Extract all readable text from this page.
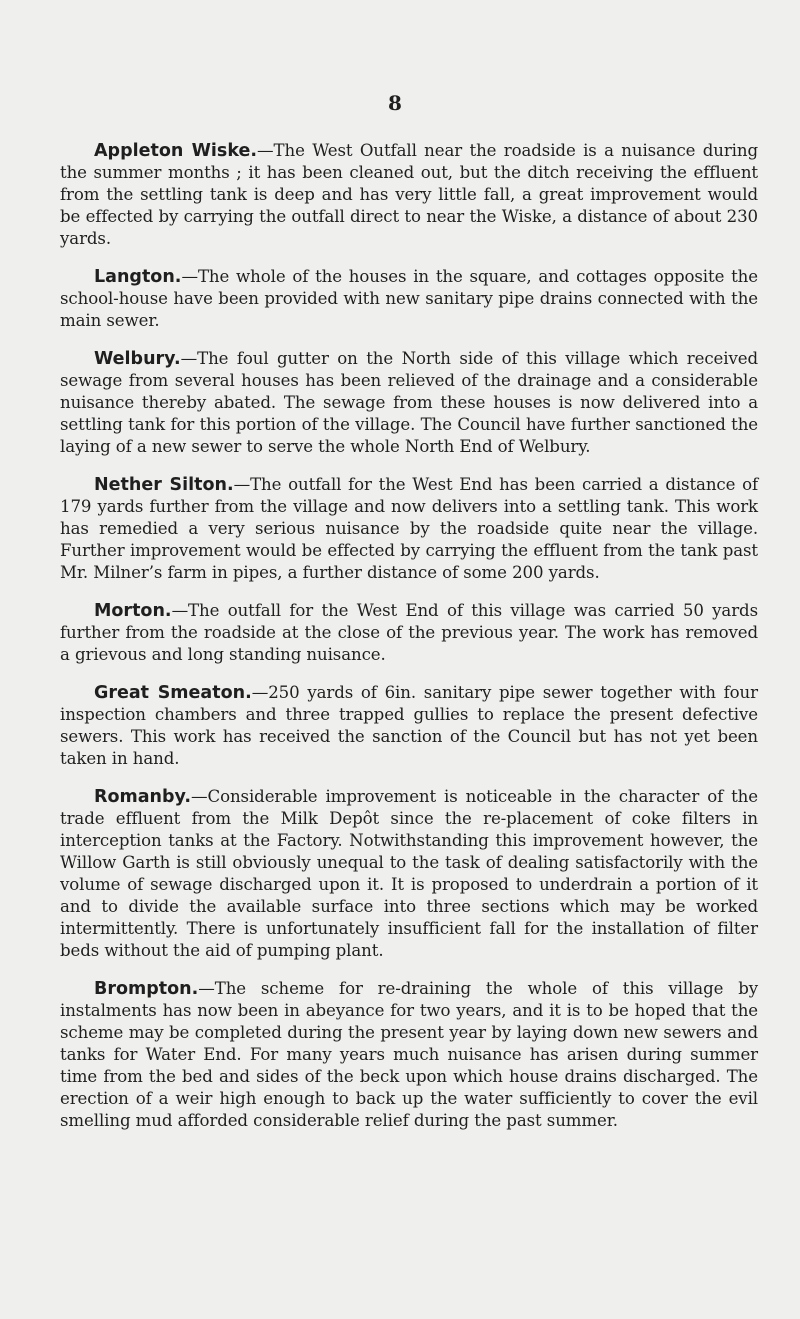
8

Appleton Wiske.—The West Outfall near the roadside is a nuisance during the summer months ; it has been cleaned out, but the ditch receiving the effluent from the settling tank is deep and has very little fall, a great improvement would be effected by carrying the outfall direct to near the Wiske, a distance of about 230 yards.

Langton.—The whole of the houses in the square, and cottages opposite the school-house have been provided with new sanitary pipe drains connected with the main sewer.

Welbury.—The foul gutter on the North side of this village which received sewage from several houses has been relieved of the drainage and a considerable nuisance thereby abated. The sewage from these houses is now delivered into a settling tank for this portion of the village. The Council have further sanctioned the laying of a new sewer to serve the whole North End of Welbury.

Nether Silton.—The outfall for the West End has been carried a distance of 179 yards further from the village and now delivers into a settling tank. This work has remedied a very serious nuisance by the roadside quite near the village. Further improvement would be effected by carrying the effluent from the tank past Mr. Milner’s farm in pipes, a further distance of some 200 yards.

Morton.—The outfall for the West End of this village was carried 50 yards further from the roadside at the close of the previous year. The work has removed a grievous and long standing nuisance.

Great Smeaton.—250 yards of 6in. sanitary pipe sewer together with four inspection chambers and three trapped gullies to replace the present defective sewers. This work has received the sanction of the Council but has not yet been taken in hand.

Romanby.—Considerable improvement is noticeable in the character of the trade effluent from the Milk Depôt since the re-placement of coke filters in interception tanks at the Factory. Notwithstanding this improvement however, the Willow Garth is still obviously unequal to the task of dealing satisfactorily with the volume of sewage discharged upon it. It is proposed to underdrain a portion of it and to divide the available surface into three sections which may be worked intermittently. There is unfortunately insufficient fall for the installation of filter beds without the aid of pumping plant.

Brompton.—The scheme for re-draining the whole of this village by instalments has now been in abeyance for two years, and it is to be hoped that the scheme may be completed during the present year by laying down new sewers and tanks for Water End. For many years much nuisance has arisen during summer time from the bed and sides of the beck upon which house drains discharged. The erection of a weir high enough to back up the water sufficiently to cover the evil smelling mud afforded considerable relief during the past summer.
